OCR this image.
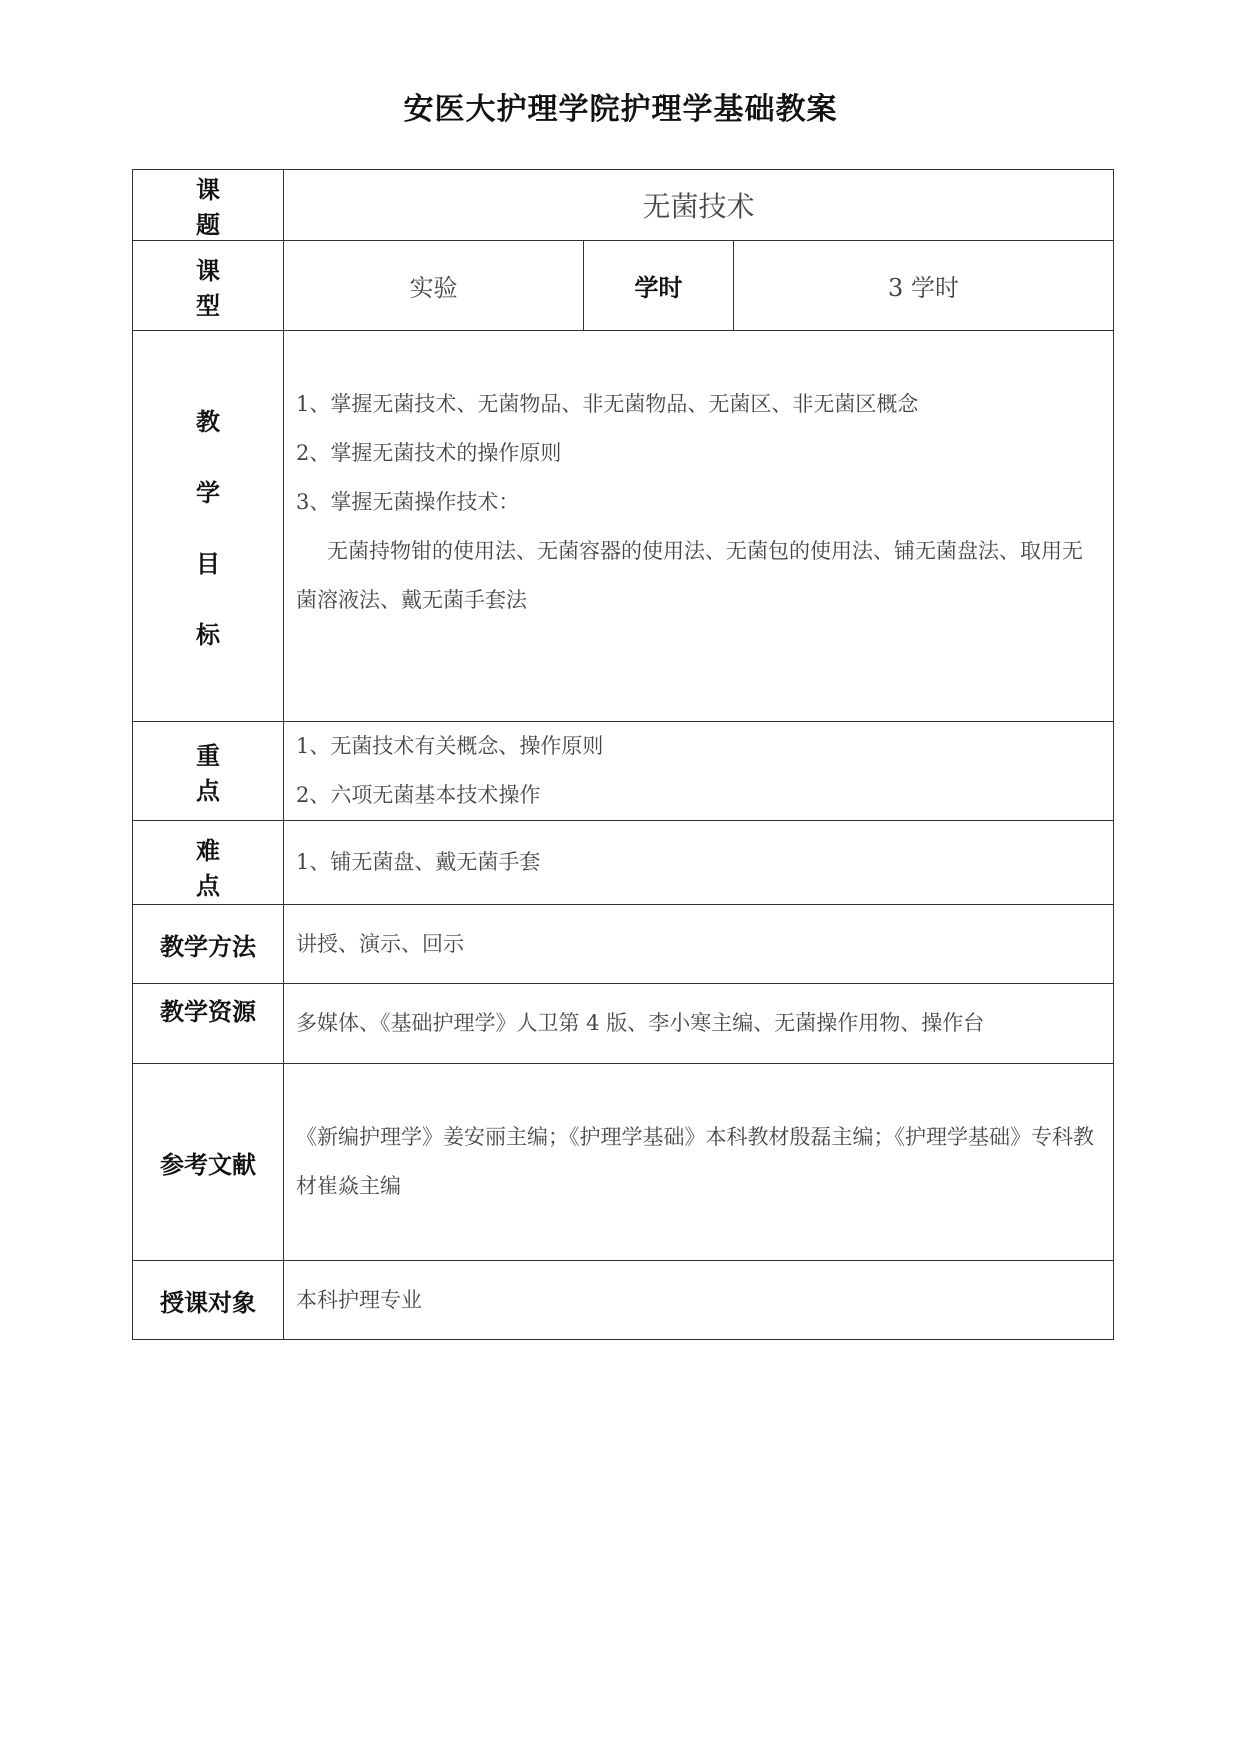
安医大护理学院护理学基础教案
课　题	无菌技术		
课　型	实验	学时	3 学时

教
学
目
标	1、掌握无菌技术、无菌物品、非无菌物品、无菌区、非无菌区概念
2、掌握无菌技术的操作原则
3、掌握无菌操作技术：
无菌持物钳的使用法、无菌容器的使用法、无菌包的使用法、铺无菌盘法、取用无菌溶液法、戴无菌手套法		

重　点	1、无菌技术有关概念、操作原则
2、六项无菌基本技术操作		

难　点	1、铺无菌盘、戴无菌手套		

教学方法	讲授、演示、回示		
教学资源	多媒体、《基础护理学》人卫第 4 版、李小寒主编、无菌操作用物、操作台		
参考文献	《新编护理学》姜安丽主编；《护理学基础》本科教材殷磊主编；《护理学基础》专科教材崔焱主编		
授课对象	本科护理专业		
